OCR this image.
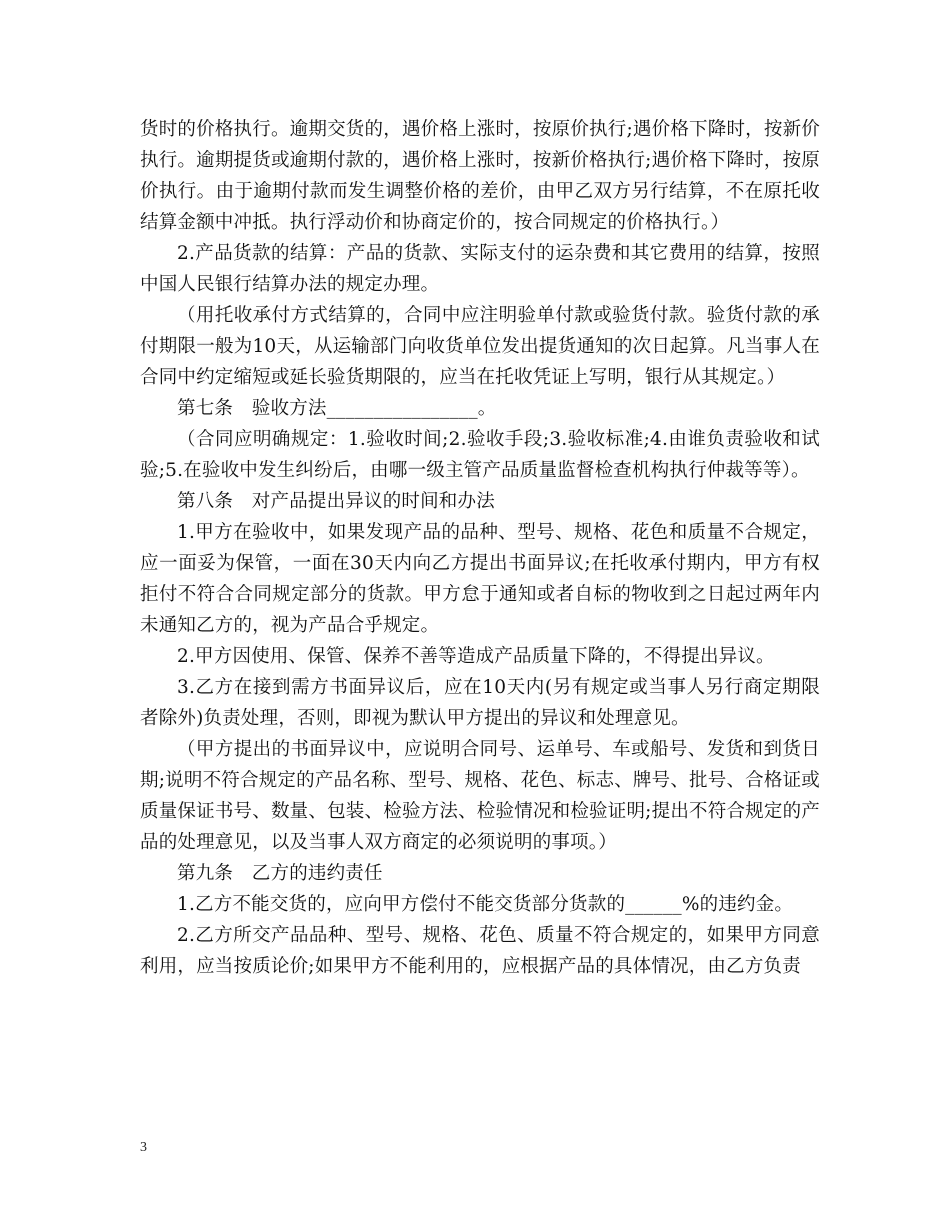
货时的价格执行。逾期交货的，遇价格上涨时，按原价执行;遇价格下降时，按新价执行。逾期提货或逾期付款的，遇价格上涨时，按新价格执行;遇价格下降时，按原价执行。由于逾期付款而发生调整价格的差价，由甲乙双方另行结算，不在原托收结算金额中冲抵。执行浮动价和协商定价的，按合同规定的价格执行。）

2.产品货款的结算：产品的货款、实际支付的运杂费和其它费用的结算，按照中国人民银行结算办法的规定办理。

（用托收承付方式结算的，合同中应注明验单付款或验货付款。验货付款的承付期限一般为10天，从运输部门向收货单位发出提货通知的次日起算。凡当事人在合同中约定缩短或延长验货期限的，应当在托收凭证上写明，银行从其规定。）

第七条　验收方法________________。

（合同应明确规定：1.验收时间;2.验收手段;3.验收标准;4.由谁负责验收和试验;5.在验收中发生纠纷后，由哪一级主管产品质量监督检查机构执行仲裁等等）。

第八条　对产品提出异议的时间和办法

1.甲方在验收中，如果发现产品的品种、型号、规格、花色和质量不合规定，应一面妥为保管，一面在30天内向乙方提出书面异议;在托收承付期内，甲方有权拒付不符合合同规定部分的货款。甲方怠于通知或者自标的物收到之日起过两年内未通知乙方的，视为产品合乎规定。

2.甲方因使用、保管、保养不善等造成产品质量下降的，不得提出异议。

3.乙方在接到需方书面异议后，应在10天内(另有规定或当事人另行商定期限者除外)负责处理，否则，即视为默认甲方提出的异议和处理意见。

（甲方提出的书面异议中，应说明合同号、运单号、车或船号、发货和到货日期;说明不符合规定的产品名称、型号、规格、花色、标志、牌号、批号、合格证或质量保证书号、数量、包装、检验方法、检验情况和检验证明;提出不符合规定的产品的处理意见，以及当事人双方商定的必须说明的事项。）

第九条　乙方的违约责任

1.乙方不能交货的，应向甲方偿付不能交货部分货款的______%的违约金。

2.乙方所交产品品种、型号、规格、花色、质量不符合规定的，如果甲方同意利用，应当按质论价;如果甲方不能利用的，应根据产品的具体情况，由乙方负责

3
